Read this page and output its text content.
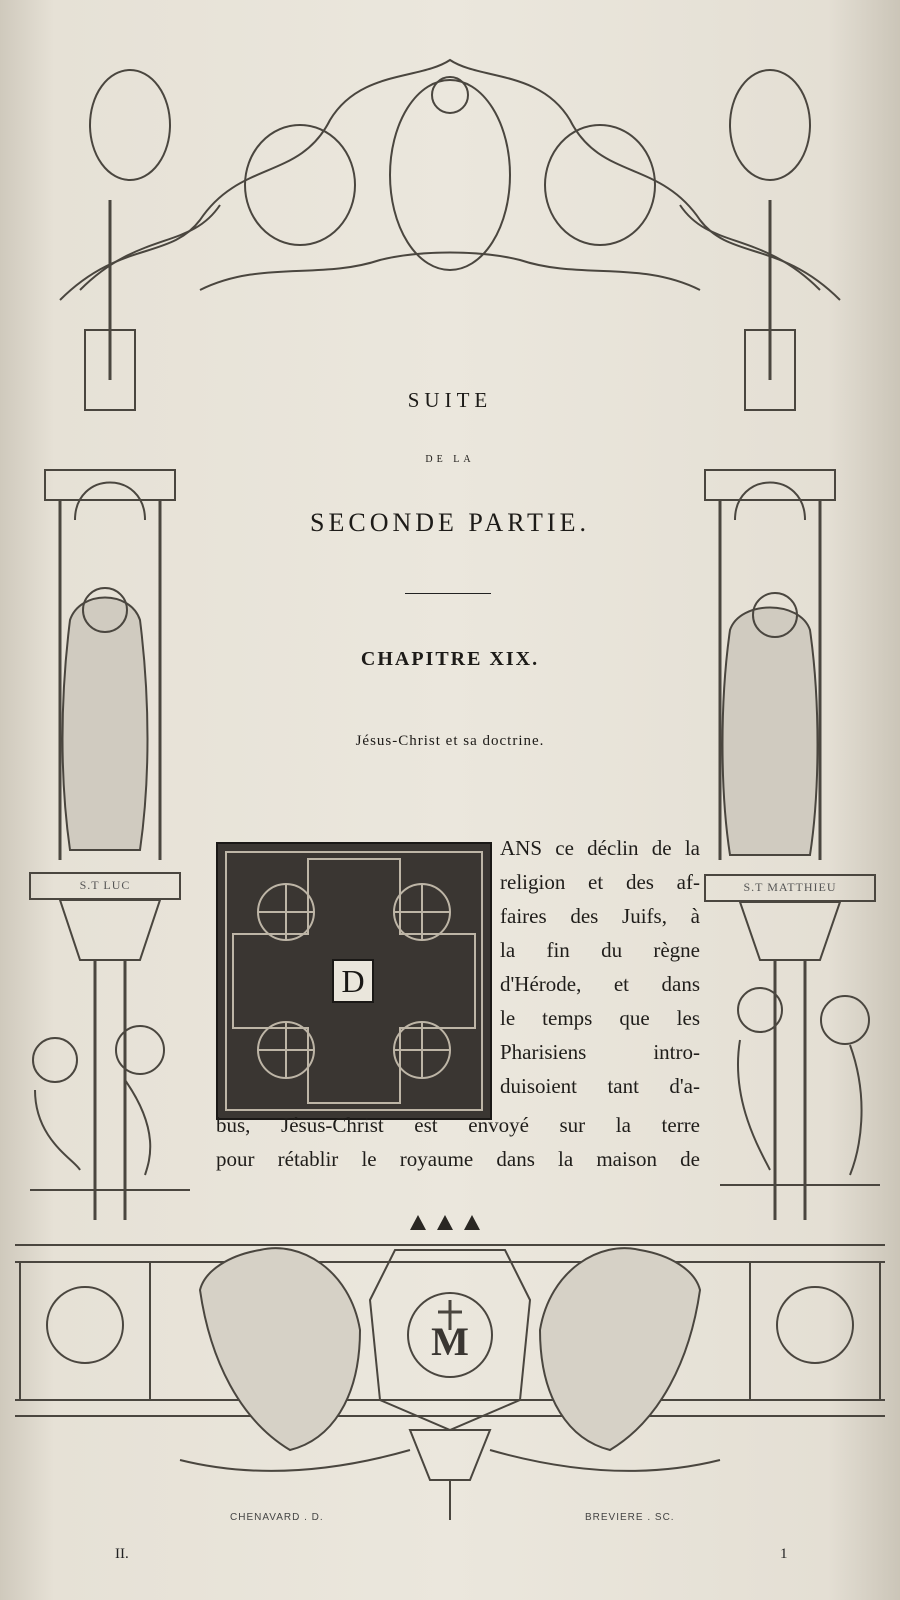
SUITE
DE LA
SECONDE PARTIE.
CHAPITRE XIX.
Jésus-Christ et sa doctrine.
D
ANS ce déclin de la
religion et des af-
faires des Juifs, à
la fin du règne
d'Hérode, et dans
le temps que les
Pharisiens intro-
duisoient tant d'a-
bus, Jésus-Christ est envoyé sur la terre
pour rétablir le royaume dans la maison de
S.T LUC	S.T MATTHIEU
M
CHENAVARD . D.	BREVIERE . SC.
II.	1
